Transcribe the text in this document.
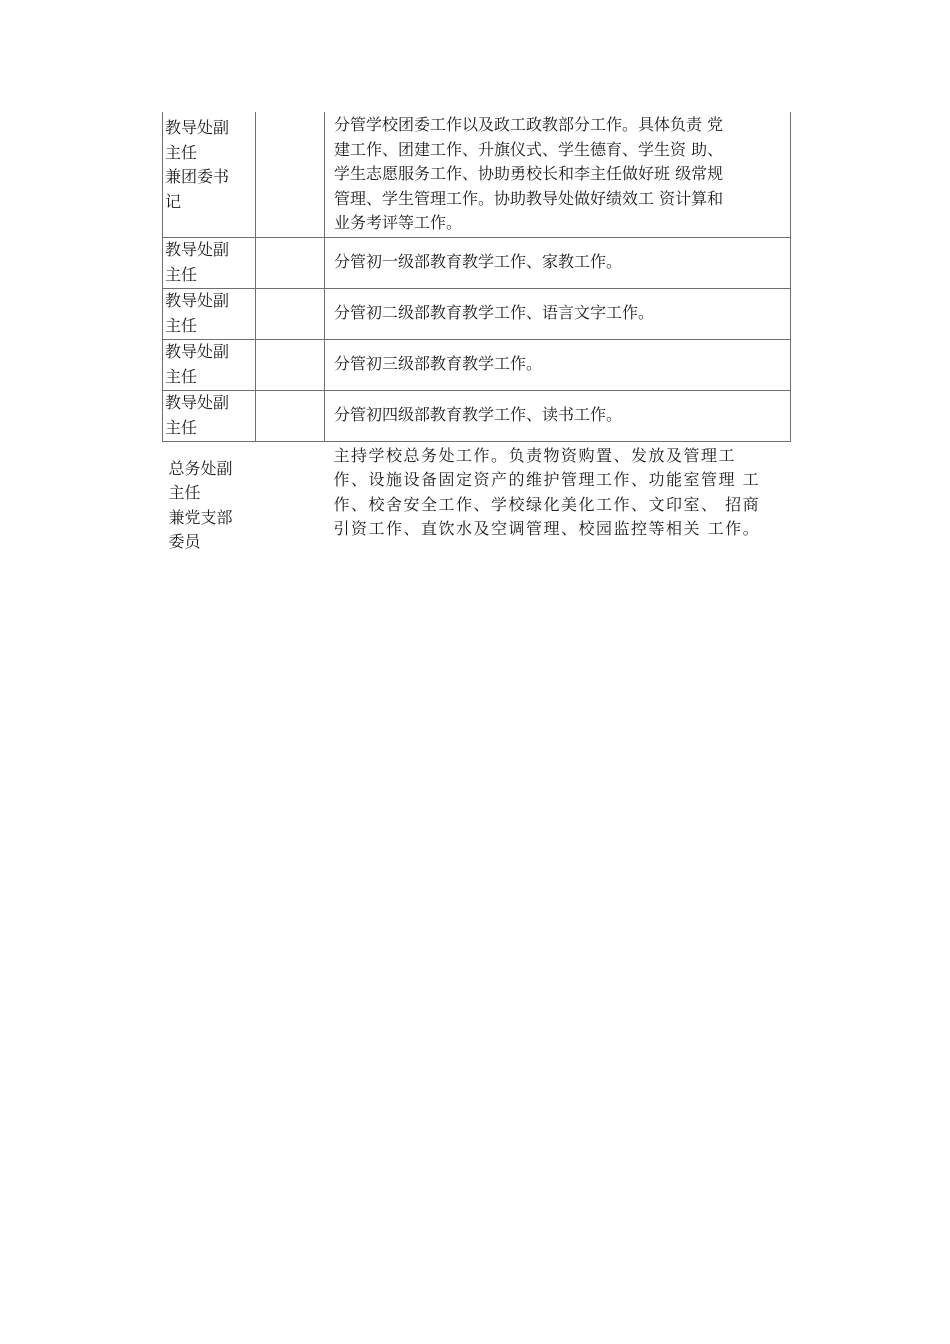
教导处副
主任
兼团委书
记		分管学校团委工作以及政工政教部分工作。具体负责 党
建工作、团建工作、升旗仪式、学生德育、学生资 助、
学生志愿服务工作、协助勇校长和李主任做好班 级常规
管理、学生管理工作。协助教导处做好绩效工 资计算和
业务考评等工作。

教导处副
主任		分管初一级部教育教学工作、家教工作。

教导处副
主任		分管初二级部教育教学工作、语言文字工作。

教导处副
主任		分管初三级部教育教学工作。

教导处副
主任		分管初四级部教育教学工作、读书工作。

总务处副
主任
兼党支部
委员		主持学校总务处工作。负责物资购置、发放及管理工
作、设施设备固定资产的维护管理工作、功能室管理 工
作、校舍安全工作、学校绿化美化工作、文印室、 招商
引资工作、直饮水及空调管理、校园监控等相关 工作。
